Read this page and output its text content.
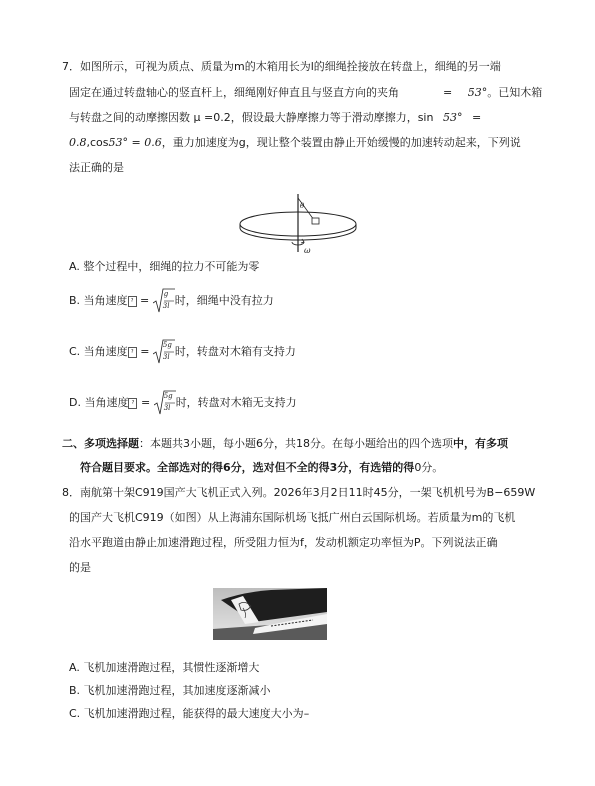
7．如图所示，可视为质点、质量为m的木箱用长为l的细绳拴接放在转盘上，细绳的另一端
固定在通过转盘轴心的竖直杆上，细绳刚好伸直且与竖直方向的夹角	= 53°。已知木箱
与转盘之间的动摩擦因数 μ =0.2，假设最大静摩擦力等于滑动摩擦力，sin 53° =
0.8,cos53° = 0.6，重力加速度为g，现让整个装置由静止开始缓慢的加速转动起来，下列说
法正确的是
θ
ω
A. 整个过程中，细绳的拉力不可能为零
B. 当角速度 ? = g
3l 时，细绳中没有拉力
C. 当角速度 ? = 5g
3l 时，转盘对木箱有支持力
D. 当角速度 ? = 5g
3l 时，转盘对木箱无支持力
二、多项选择题：本题共3小题，每小题6分，共18分。在每小题给出的四个选项中，有多项
符合题目要求。全部选对的得6分，选对但不全的得3分，有选错的得0分。
8．南航第十架C919国产大飞机正式入列。2026年3月2日11时45分，一架飞机机号为B−659W
的国产大飞机C919（如图）从上海浦东国际机场飞抵广州白云国际机场。若质量为m的飞机
沿水平跑道由静止加速滑跑过程，所受阻力恒为f，发动机额定功率恒为P。下列说法正确
的是
A. 飞机加速滑跑过程，其惯性逐渐增大
B. 飞机加速滑跑过程，其加速度逐渐减小
C. 飞机加速滑跑过程，能获得的最大速度大小为–
